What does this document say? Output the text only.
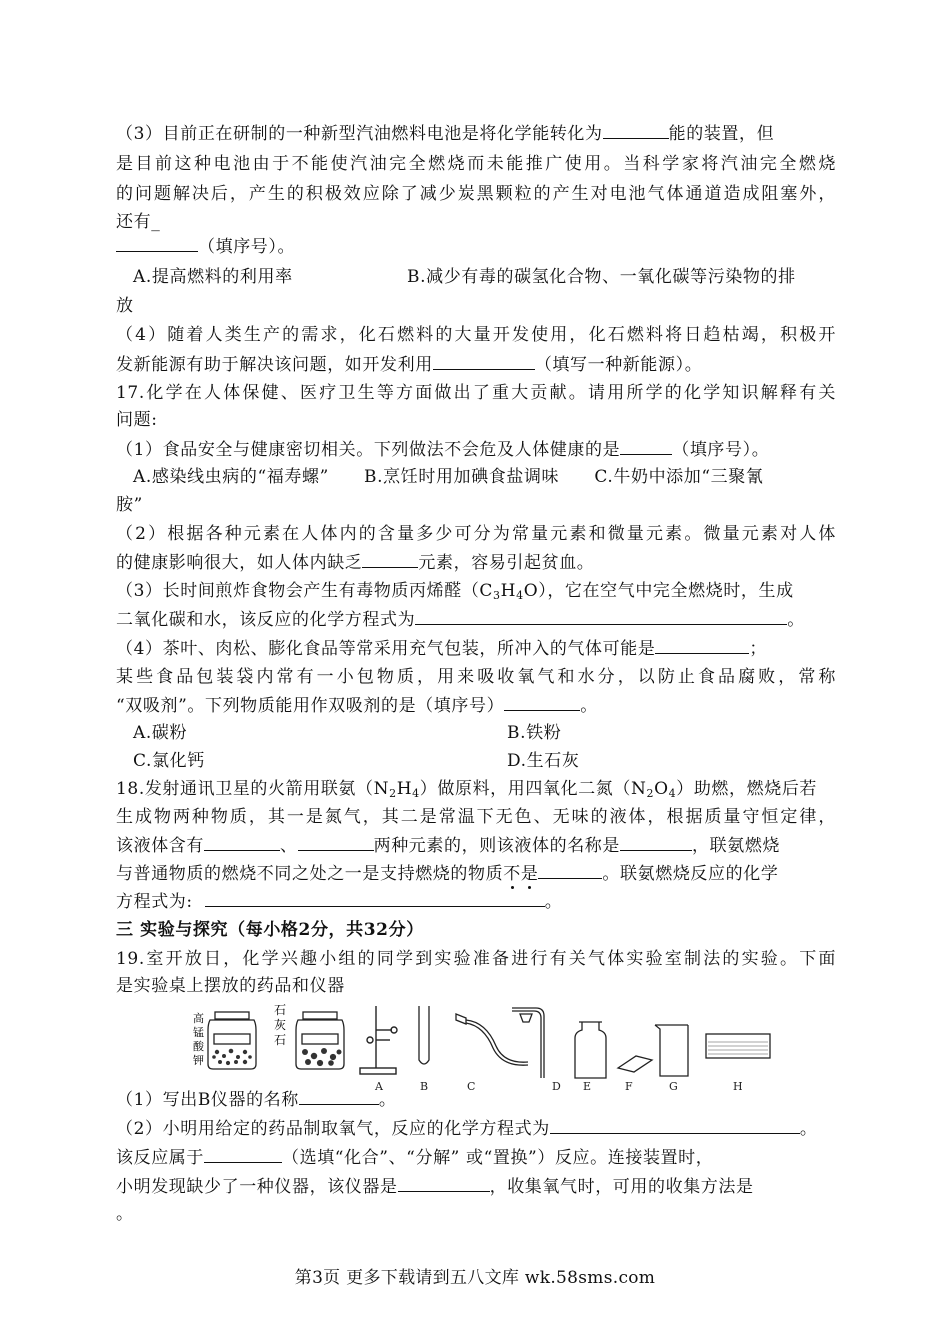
（3）目前正在研制的一种新型汽油燃料电池是将化学能转化为	能的装置，但
是目前这种电池由于不能使汽油完全燃烧而未能推广使用。当科学家将汽油完全燃烧
的问题解决后，产生的积极效应除了减少炭黑颗粒的产生对电池气体通道造成阻塞外，
还有_
（填序号）。
A.提高燃料的利用率	B.减少有毒的碳氢化合物、一氧化碳等污染物的排
放
（4）随着人类生产的需求，化石燃料的大量开发使用，化石燃料将日趋枯竭，积极开
发新能源有助于解决该问题，如开发利用	（填写一种新能源）。
17.化学在人体保健、医疗卫生等方面做出了重大贡献。请用所学的化学知识解释有关
问题:
（1）食品安全与健康密切相关。下列做法不会危及人体健康的是	（填序号）。
A.感染线虫病的“福寿螺”　　B.烹饪时用加碘食盐调味　　C.牛奶中添加“三聚氰
胺”
（2）根据各种元素在人体内的含量多少可分为常量元素和微量元素。微量元素对人体
的健康影响很大，如人体内缺乏	元素，容易引起贫血。
（3）长时间煎炸食物会产生有毒物质丙烯醛$(C_3H_4O)$，它在空气中完全燃烧时，生成
二氧化碳和水，该反应的化学方程式为	。
（4）茶叶、肉松、膨化食品等常采用充气包装，所冲入的气体可能是	；
某些食品包装袋内常有一小包物质，用来吸收氧气和水分，以防止食品腐败，常称
“双吸剂”。下列物质能用作双吸剂的是（填序号）	。
A.碳粉	B.铁粉
C.氯化钙	D.生石灰
18.发射通讯卫星的火箭用联氨$(N_2H_4)$做原料，用四氧化二氮$(N_2O_4)$助燃，燃烧后若
生成物两种物质，其一是氮气，其二是常温下无色、无味的液体，根据质量守恒定律，
该液体含有	、	两种元素的，则该液体的名称是	，联氨燃烧
与普通物质的燃烧不同之处之一是支持燃烧的物质不是	。联氨燃烧反应的化学
方程式为:	。
三 实验与探究（每小格2分，共32分）
19.室开放日，化学兴趣小组的同学到实验准备进行有关气体实验室制法的实验。下面
是实验桌上摆放的药品和仪器
高
锰
酸
钾
石
灰
石
A	B	C	D E	F	G	H
（1）写出B仪器的名称	。
（2）小明用给定的药品制取氧气，反应的化学方程式为	。
该反应属于	（选填“化合”、“分解” 或“置换”）反应。连接装置时，
小明发现缺少了一种仪器，该仪器是	，收集氧气时，可用的收集方法是
。
第3页 更多下载请到五八文库 wk.58sms.com
